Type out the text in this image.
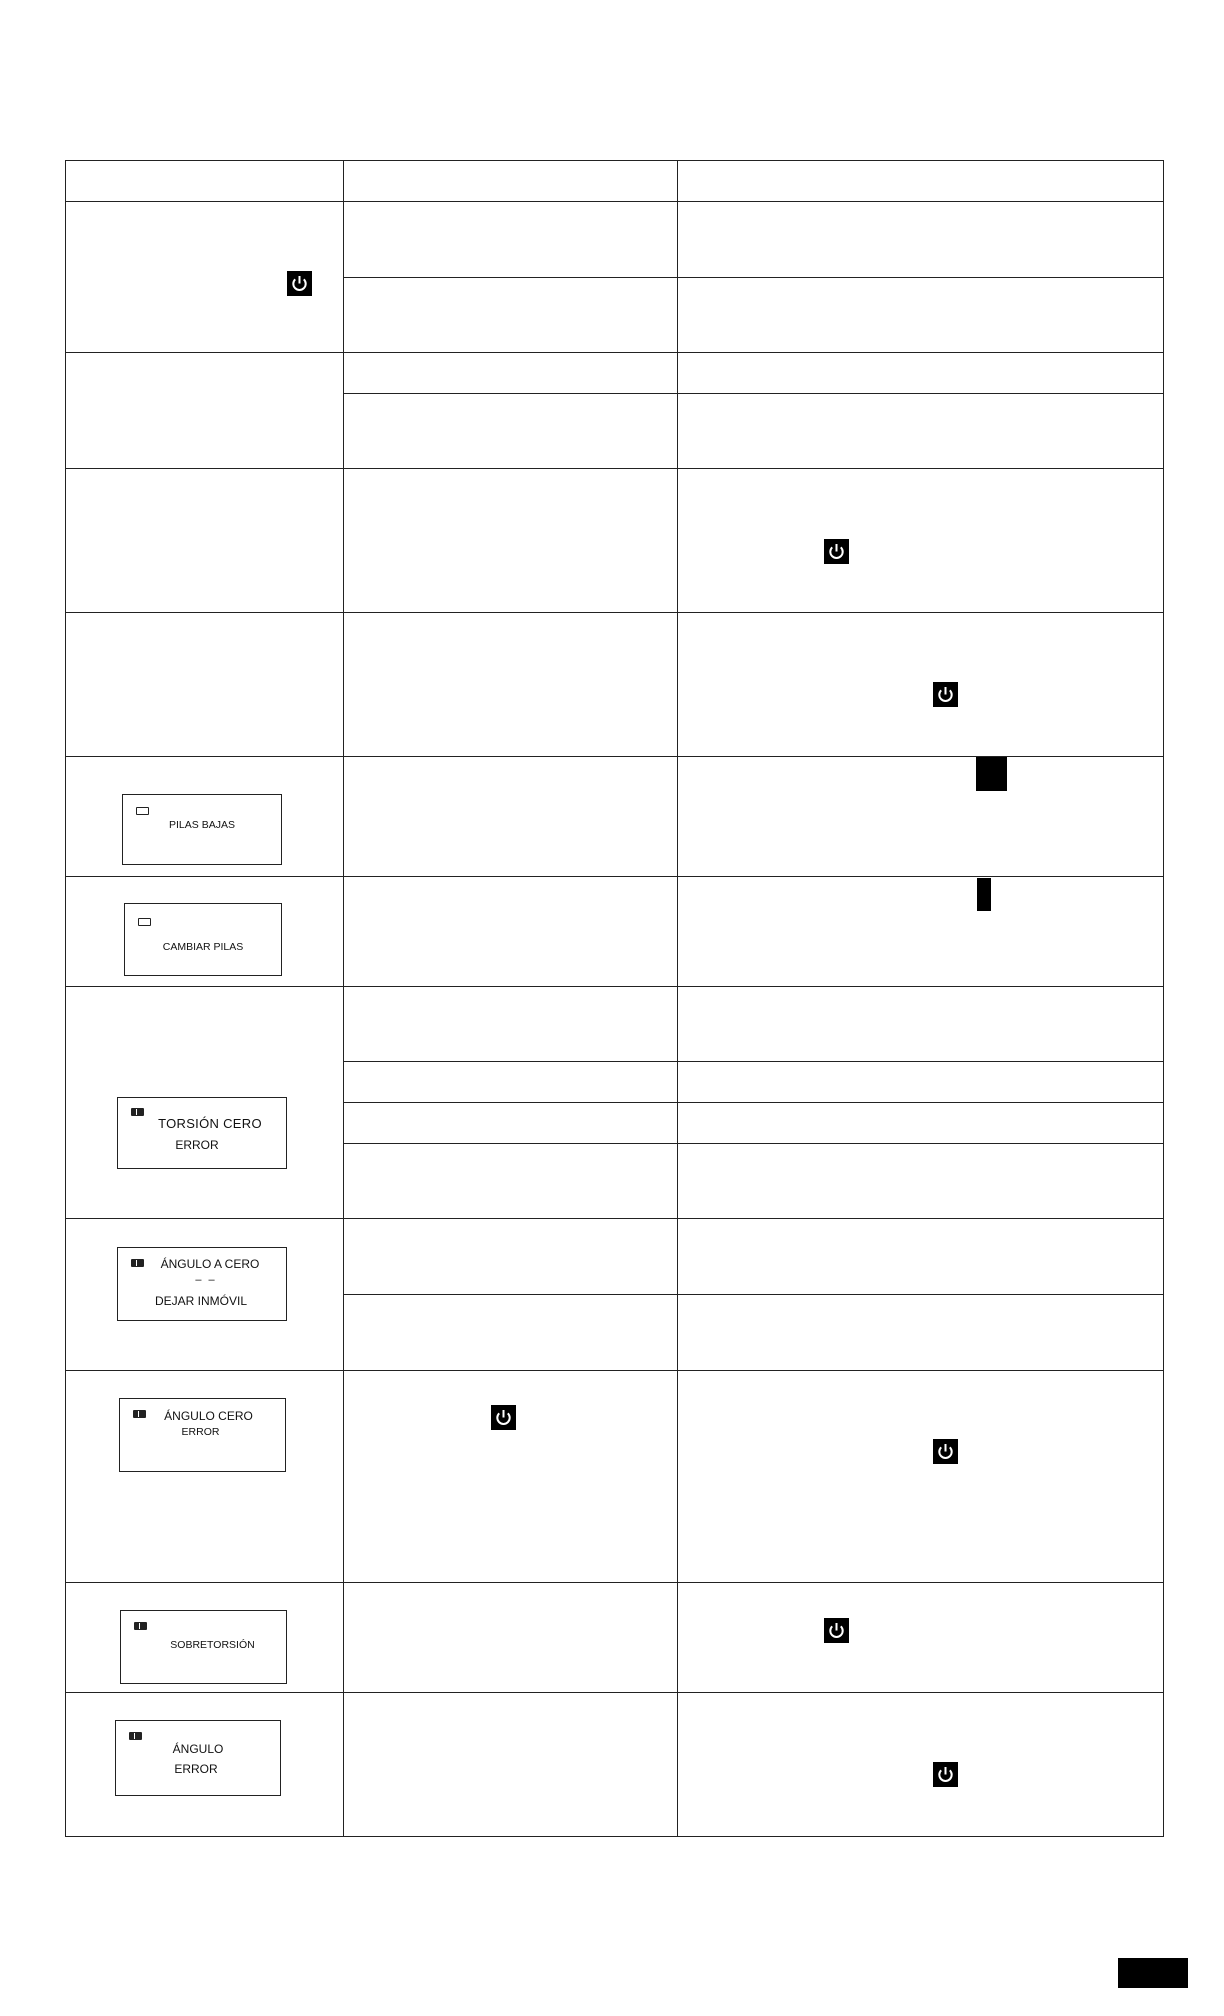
PILAS BAJAS
CAMBIAR PILAS
TORSIÓN CERO
ERROR
ÁNGULO A CERO
– –
DEJAR INMÓVIL
ÁNGULO CERO
ERROR
SOBRETORSIÓN
ÁNGULO
ERROR
